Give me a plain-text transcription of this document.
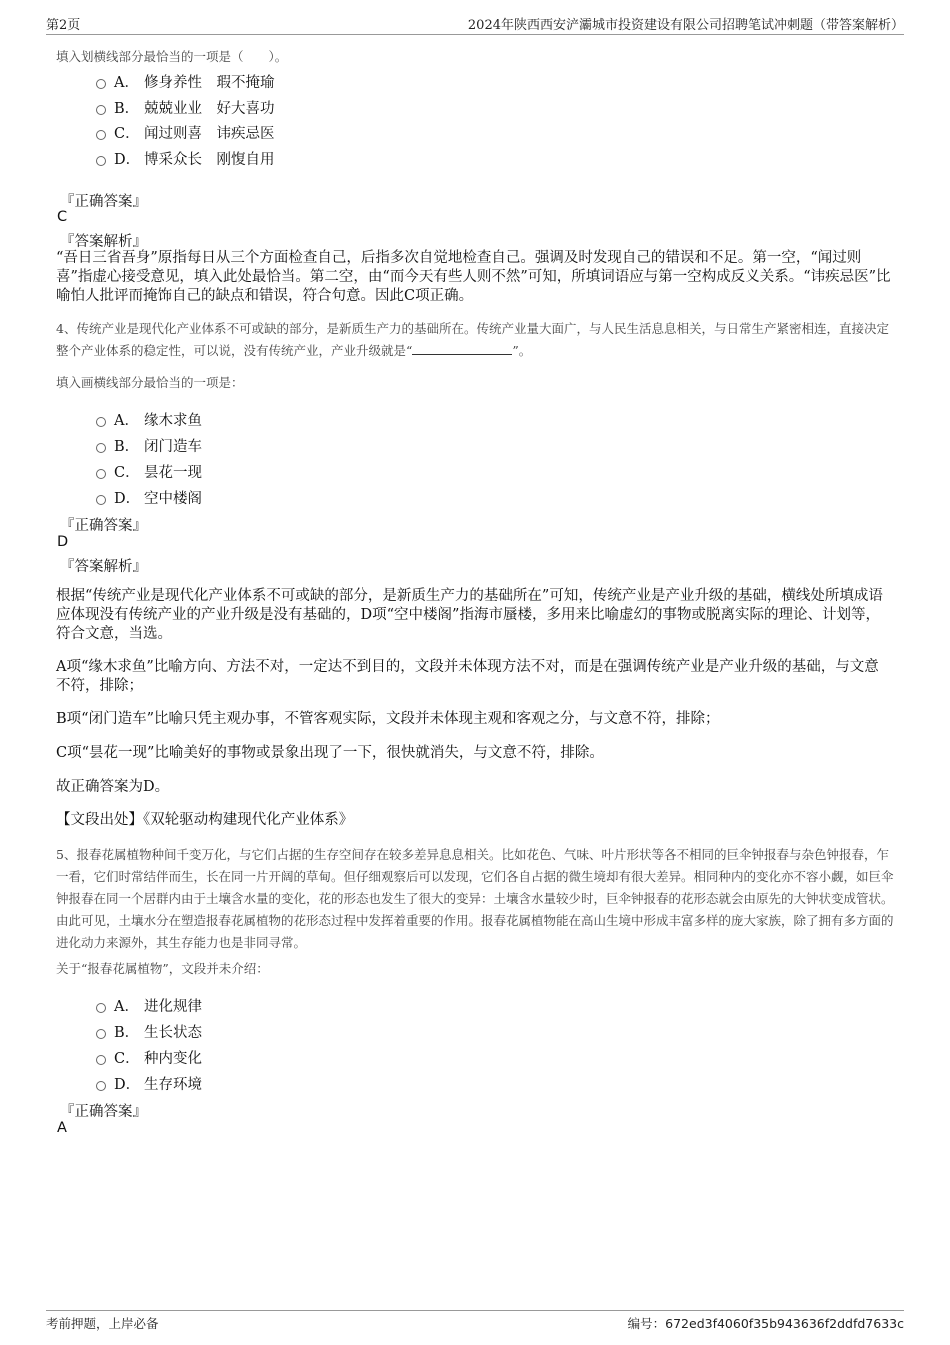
第2页	2024年陕西西安浐灞城市投资建设有限公司招聘笔试冲刺题（带答案解析）
填入划横线部分最恰当的一项是（　　）。
A． 修身养性　瑕不掩瑜
B． 兢兢业业　好大喜功
C． 闻过则喜　讳疾忌医
D． 博采众长　刚愎自用
『正确答案』
C
『答案解析』
“吾日三省吾身”原指每日从三个方面检查自己，后指多次自觉地检查自己。强调及时发现自己的错误和不足。第一空，“闻过则喜”指虚心接受意见，填入此处最恰当。第二空，由“而今天有些人则不然”可知，所填词语应与第一空构成反义关系。“讳疾忌医”比喻怕人批评而掩饰自己的缺点和错误，符合句意。因此C项正确。
4、传统产业是现代化产业体系不可或缺的部分，是新质生产力的基础所在。传统产业量大面广，与人民生活息息相关，与日常生产紧密相连，直接决定整个产业体系的稳定性，可以说，没有传统产业，产业升级就是“	”。
填入画横线部分最恰当的一项是：
A． 缘木求鱼
B． 闭门造车
C． 昙花一现
D． 空中楼阁
『正确答案』
D
『答案解析』
根据“传统产业是现代化产业体系不可或缺的部分，是新质生产力的基础所在”可知，传统产业是产业升级的基础，横线处所填成语应体现没有传统产业的产业升级是没有基础的，D项“空中楼阁”指海市蜃楼，多用来比喻虚幻的事物或脱离实际的理论、计划等，符合文意，当选。
A项“缘木求鱼”比喻方向、方法不对，一定达不到目的，文段并未体现方法不对，而是在强调传统产业是产业升级的基础，与文意不符，排除；
B项“闭门造车”比喻只凭主观办事，不管客观实际，文段并未体现主观和客观之分，与文意不符，排除；
C项“昙花一现”比喻美好的事物或景象出现了一下，很快就消失，与文意不符，排除。
故正确答案为D。
【文段出处】《双轮驱动构建现代化产业体系》
5、报春花属植物种间千变万化，与它们占据的生存空间存在较多差异息息相关。比如花色、气味、叶片形状等各不相同的巨伞钟报春与杂色钟报春，乍一看，它们时常结伴而生，长在同一片开阔的草甸。但仔细观察后可以发现，它们各自占据的微生境却有很大差异。相同种内的变化亦不容小觑，如巨伞钟报春在同一个居群内由于土壤含水量的变化，花的形态也发生了很大的变异：土壤含水量较少时，巨伞钟报春的花形态就会由原先的大钟状变成管状。由此可见，土壤水分在塑造报春花属植物的花形态过程中发挥着重要的作用。报春花属植物能在高山生境中形成丰富多样的庞大家族，除了拥有多方面的进化动力来源外，其生存能力也是非同寻常。
关于“报春花属植物”，文段并未介绍：
A． 进化规律
B． 生长状态
C． 种内变化
D． 生存环境
『正确答案』
A
考前押题，上岸必备	编号：672ed3f4060f35b943636f2ddfd7633c
